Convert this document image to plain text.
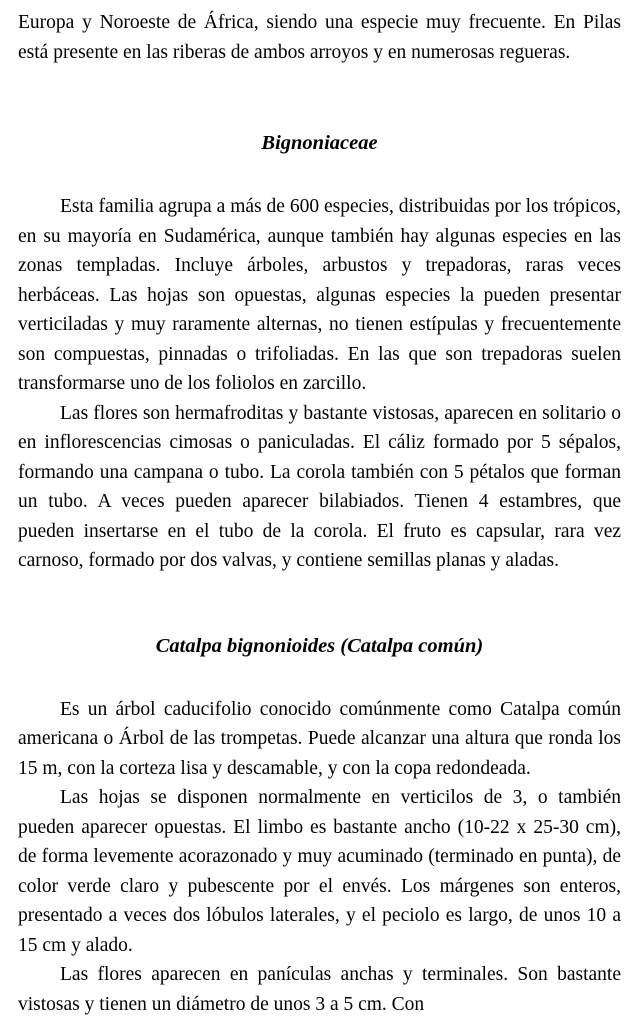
Europa y Noroeste de África, siendo una especie muy frecuente. En Pilas está presente en las riberas de ambos arroyos y en numerosas regueras.

Bignoniaceae

Esta familia agrupa a más de 600 especies, distribuidas por los trópicos, en su mayoría en Sudamérica, aunque también hay algunas especies en las zonas templadas. Incluye árboles, arbustos y trepadoras, raras veces herbáceas. Las hojas son opuestas, algunas especies la pueden presentar verticiladas y muy raramente alternas, no tienen estípulas y frecuentemente son compuestas, pinnadas o trifoliadas. En las que son trepadoras suelen transformarse uno de los foliolos en zarcillo.

Las flores son hermafroditas y bastante vistosas, aparecen en solitario o en inflorescencias cimosas o paniculadas. El cáliz formado por 5 sépalos, formando una campana o tubo. La corola también con 5 pétalos que forman un tubo. A veces pueden aparecer bilabiados. Tienen 4 estambres, que pueden insertarse en el tubo de la corola. El fruto es capsular, rara vez carnoso, formado por dos valvas, y contiene semillas planas y aladas.

Catalpa bignonioides (Catalpa común)

Es un árbol caducifolio conocido comúnmente como Catalpa común americana o Árbol de las trompetas. Puede alcanzar una altura que ronda los 15 m, con la corteza lisa y descamable, y con la copa redondeada.

Las hojas se disponen normalmente en verticilos de 3, o también pueden aparecer opuestas. El limbo es bastante ancho (10-22 x 25-30 cm), de forma levemente acorazonado y muy acuminado (terminado en punta), de color verde claro y pubescente por el envés. Los márgenes son enteros, presentado a veces dos lóbulos laterales, y el peciolo es largo, de unos 10 a 15 cm y alado.

Las flores aparecen en panículas anchas y terminales. Son bastante vistosas y tienen un diámetro de unos 3 a 5 cm. Con
